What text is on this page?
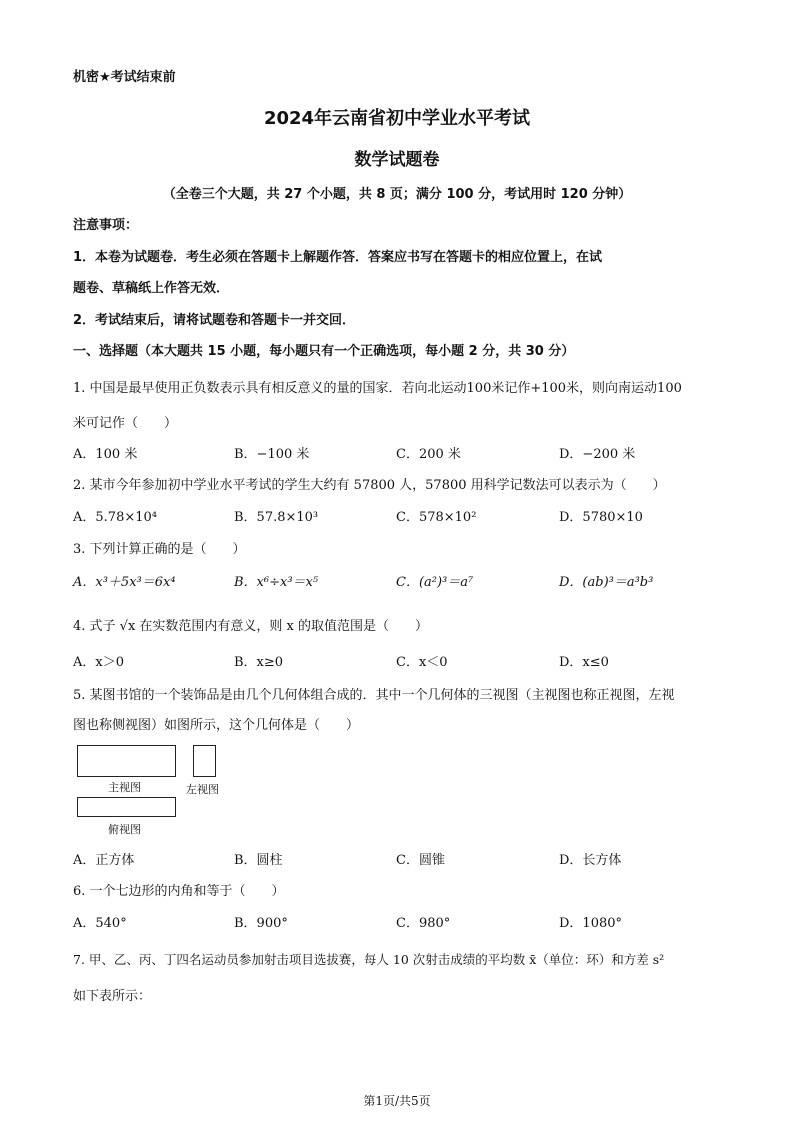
机密★考试结束前
2024年云南省初中学业水平考试
数学试题卷
（全卷三个大题，共 27 个小题，共 8 页；满分 100 分，考试用时 120 分钟）
注意事项：
1．本卷为试题卷．考生必须在答题卡上解题作答．答案应书写在答题卡的相应位置上，在试
题卷、草稿纸上作答无效．
2．考试结束后，请将试题卷和答题卡一并交回．
一、选择题（本大题共 15 小题，每小题只有一个正确选项，每小题 2 分，共 30 分）
1. 中国是最早使用正负数表示具有相反意义的量的国家．若向北运动100米记作+100米，则向南运动100
米可记作（　　）
A．100 米	B．−100 米	C．200 米	D．−200 米
2. 某市今年参加初中学业水平考试的学生大约有 57800 人，57800 用科学记数法可以表示为（　　）
A．5.78×10⁴	B．57.8×10³	C．578×10²	D．5780×10
3. 下列计算正确的是（　　）
A．x³＋5x³＝6x⁴	B．x⁶÷x³＝x⁵	C．(a²)³＝a⁷	D．(ab)³＝a³b³
4. 式子 √x 在实数范围内有意义，则 x 的取值范围是（　　）
A．x＞0	B．x≥0	C．x＜0	D．x≤0
5. 某图书馆的一个装饰品是由几个几何体组合成的．其中一个几何体的三视图（主视图也称正视图，左视
图也称侧视图）如图所示，这个几何体是（　　）
主视图	左视图
俯视图
A．正方体	B．圆柱	C．圆锥	D．长方体
6. 一个七边形的内角和等于（　　）
A．540°	B．900°	C．980°	D．1080°
7. 甲、乙、丙、丁四名运动员参加射击项目选拔赛，每人 10 次射击成绩的平均数 x̄（单位：环）和方差 s²
如下表所示：
第1页/共5页
